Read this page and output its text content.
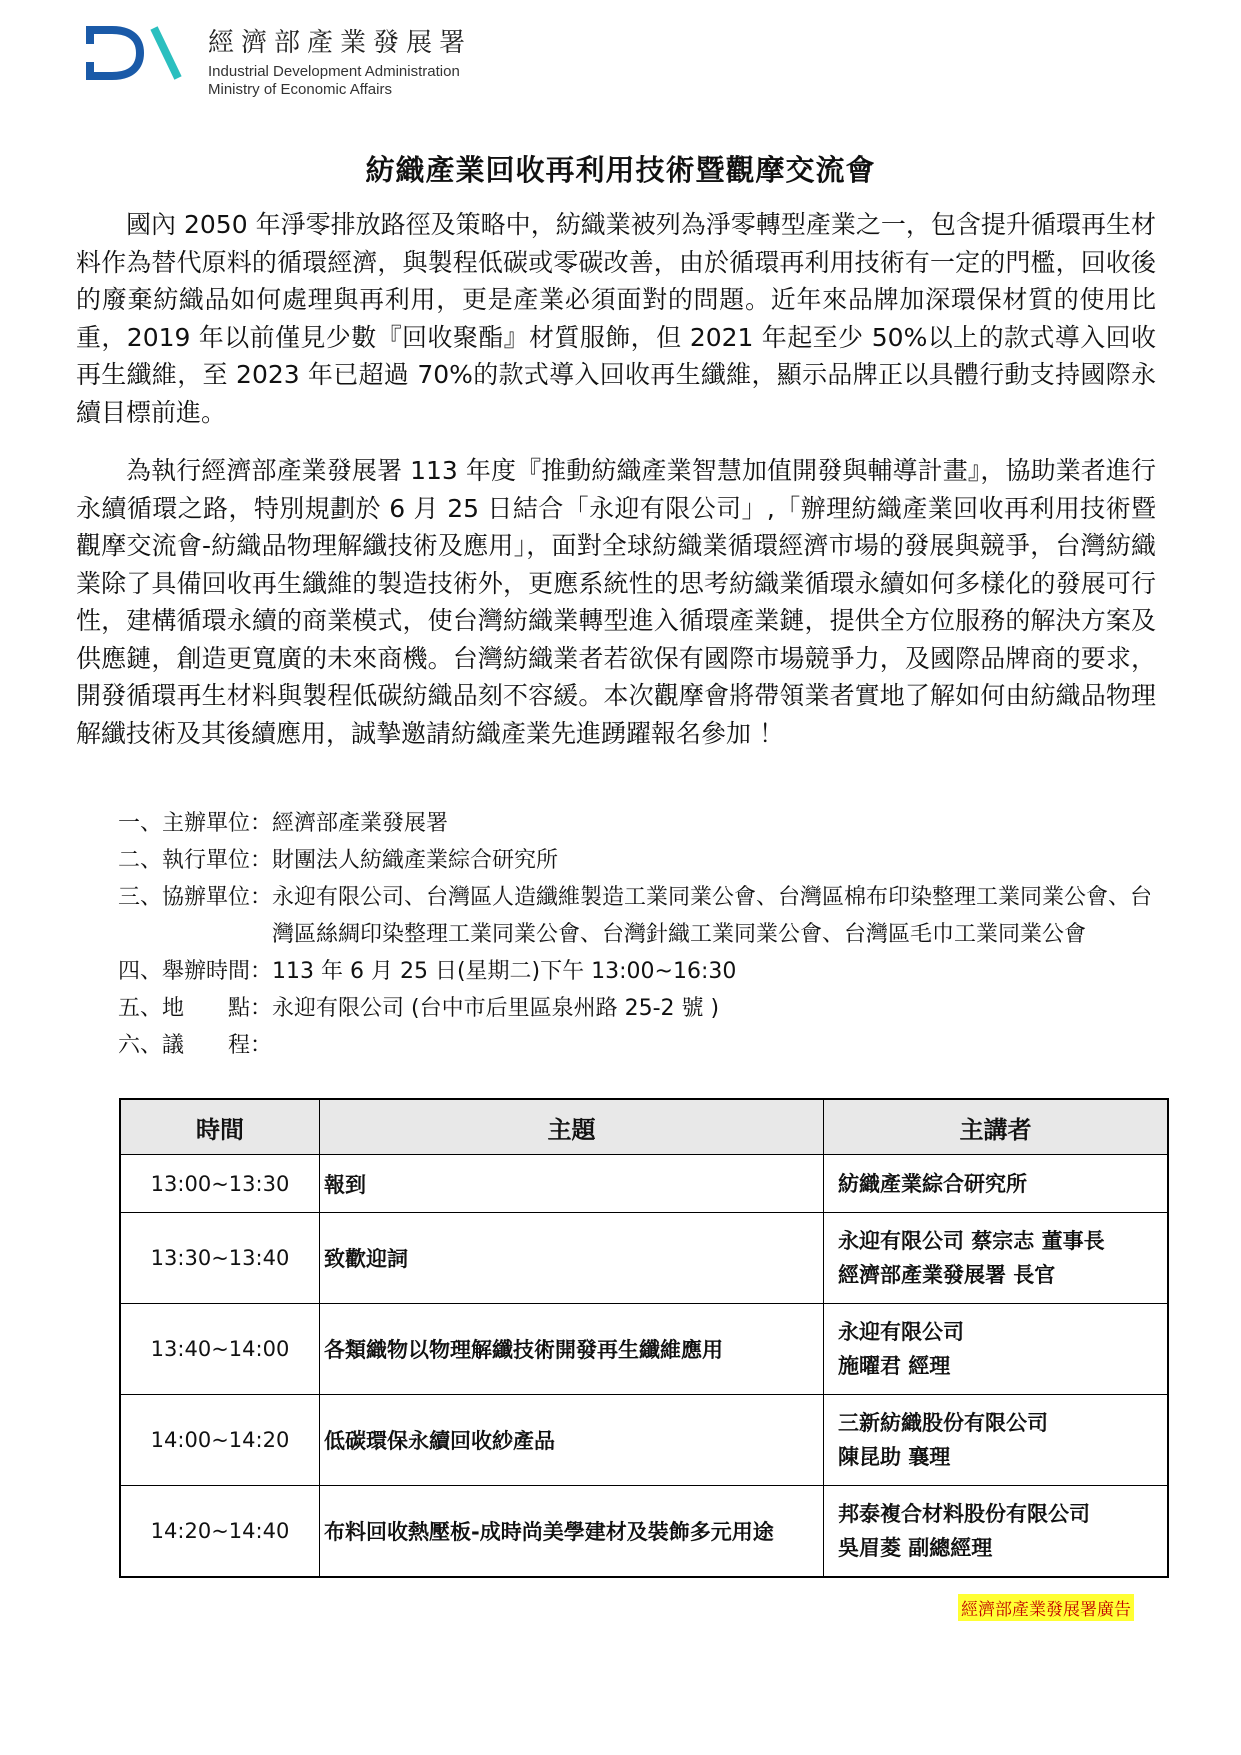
經濟部產業發展署
Industrial Development Administration
Ministry of Economic Affairs
紡織產業回收再利用技術暨觀摩交流會

國內 2050 年淨零排放路徑及策略中，紡織業被列為淨零轉型產業之一，包含提升循環再生材料作為替代原料的循環經濟，與製程低碳或零碳改善，由於循環再利用技術有一定的門檻，回收後的廢棄紡織品如何處理與再利用，更是產業必須面對的問題。近年來品牌加深環保材質的使用比重，2019 年以前僅見少數『回收聚酯』材質服飾，但 2021 年起至少 50%以上的款式導入回收再生纖維，至 2023 年已超過 70%的款式導入回收再生纖維，顯示品牌正以具體行動支持國際永續目標前進。

為執行經濟部產業發展署 113 年度『推動紡織產業智慧加值開發與輔導計畫』，協助業者進行永續循環之路，特別規劃於 6 月 25 日結合「永迎有限公司」,「辦理紡織產業回收再利用技術暨觀摩交流會-紡織品物理解纖技術及應用」，面對全球紡織業循環經濟市場的發展與競爭，台灣紡織業除了具備回收再生纖維的製造技術外，更應系統性的思考紡織業循環永續如何多樣化的發展可行性，建構循環永續的商業模式，使台灣紡織業轉型進入循環產業鏈，提供全方位服務的解決方案及供應鏈，創造更寬廣的未來商機。台灣紡織業者若欲保有國際市場競爭力，及國際品牌商的要求，開發循環再生材料與製程低碳紡織品刻不容緩。本次觀摩會將帶領業者實地了解如何由紡織品物理解纖技術及其後續應用，誠摯邀請紡織產業先進踴躍報名參加 ！

一、主辦單位： 經濟部產業發展署
二、執行單位： 財團法人紡織產業綜合研究所
三、協辦單位： 永迎有限公司、台灣區人造纖維製造工業同業公會、台灣區棉布印染整理工業同業公會、台灣區絲綢印染整理工業同業公會、台灣針織工業同業公會、台灣區毛巾工業同業公會
四、舉辦時間： 113 年 6 月 25 日(星期二)下午 13:00~16:30
五、地　　點： 永迎有限公司 (台中市后里區泉州路 25-2 號 )
六、議　　程：
時間	主題	主講者
13:00~13:30	報到	紡織產業綜合研究所

13:30~13:40	致歡迎詞	永迎有限公司 蔡宗志 董事長
經濟部產業發展署 長官

13:40~14:00	各類織物以物理解纖技術開發再生纖維應用	永迎有限公司
施曜君 經理

14:00~14:20	低碳環保永續回收紗產品	三新紡織股份有限公司
陳昆助 襄理

14:20~14:40	布料回收熱壓板-成時尚美學建材及裝飾多元用途	邦泰複合材料股份有限公司
吳眉菱 副總經理
經濟部產業發展署廣告
